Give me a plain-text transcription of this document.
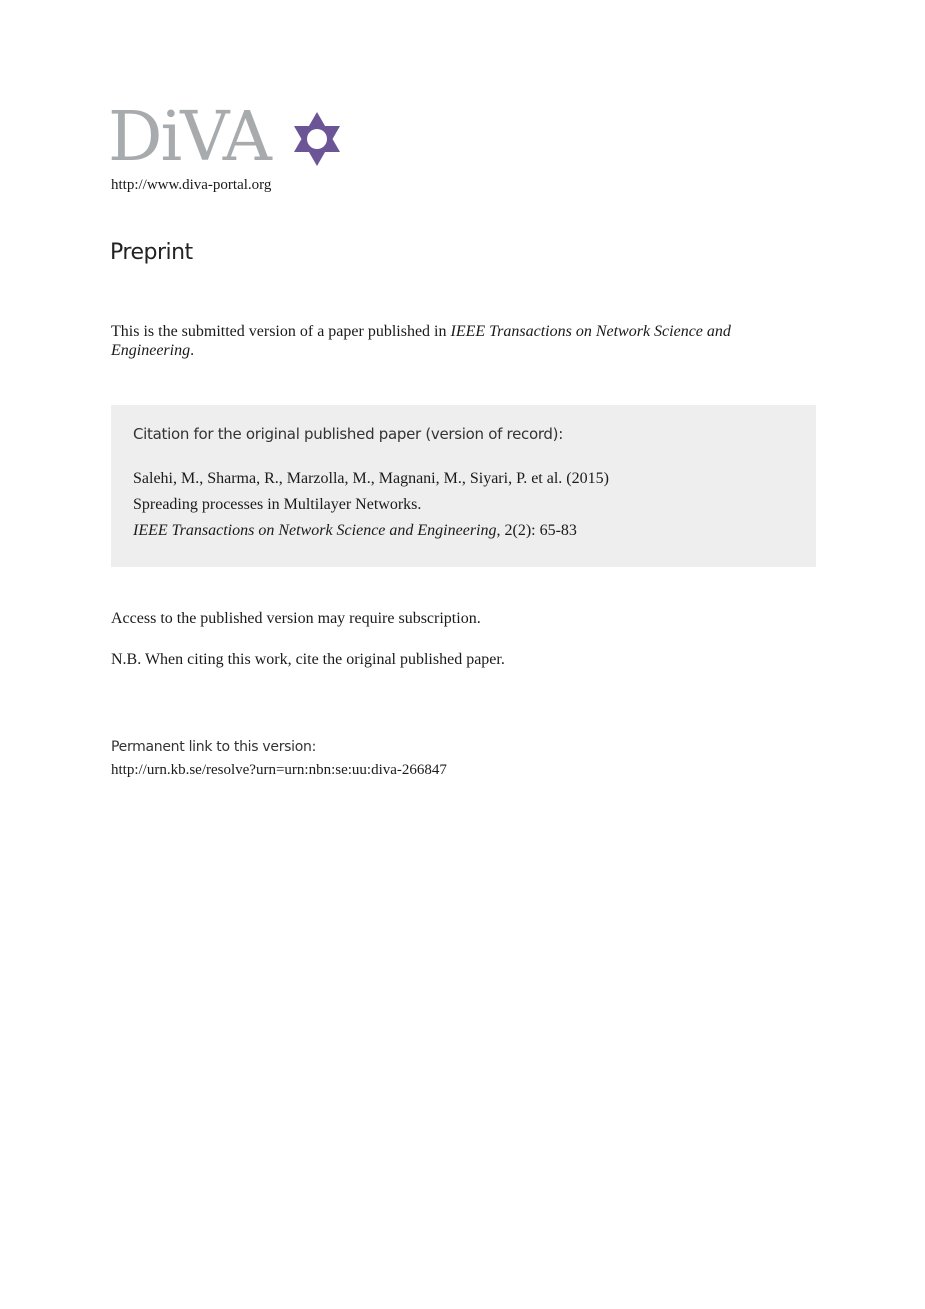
DiVA
http://www.diva-portal.org
Preprint
This is the submitted version of a paper published in IEEE Transactions on Network Science and Engineering.
Citation for the original published paper (version of record):
Salehi, M., Sharma, R., Marzolla, M., Magnani, M., Siyari, P. et al. (2015)
Spreading processes in Multilayer Networks.
IEEE Transactions on Network Science and Engineering, 2(2): 65-83
Access to the published version may require subscription.
N.B. When citing this work, cite the original published paper.
Permanent link to this version:
http://urn.kb.se/resolve?urn=urn:nbn:se:uu:diva-266847
